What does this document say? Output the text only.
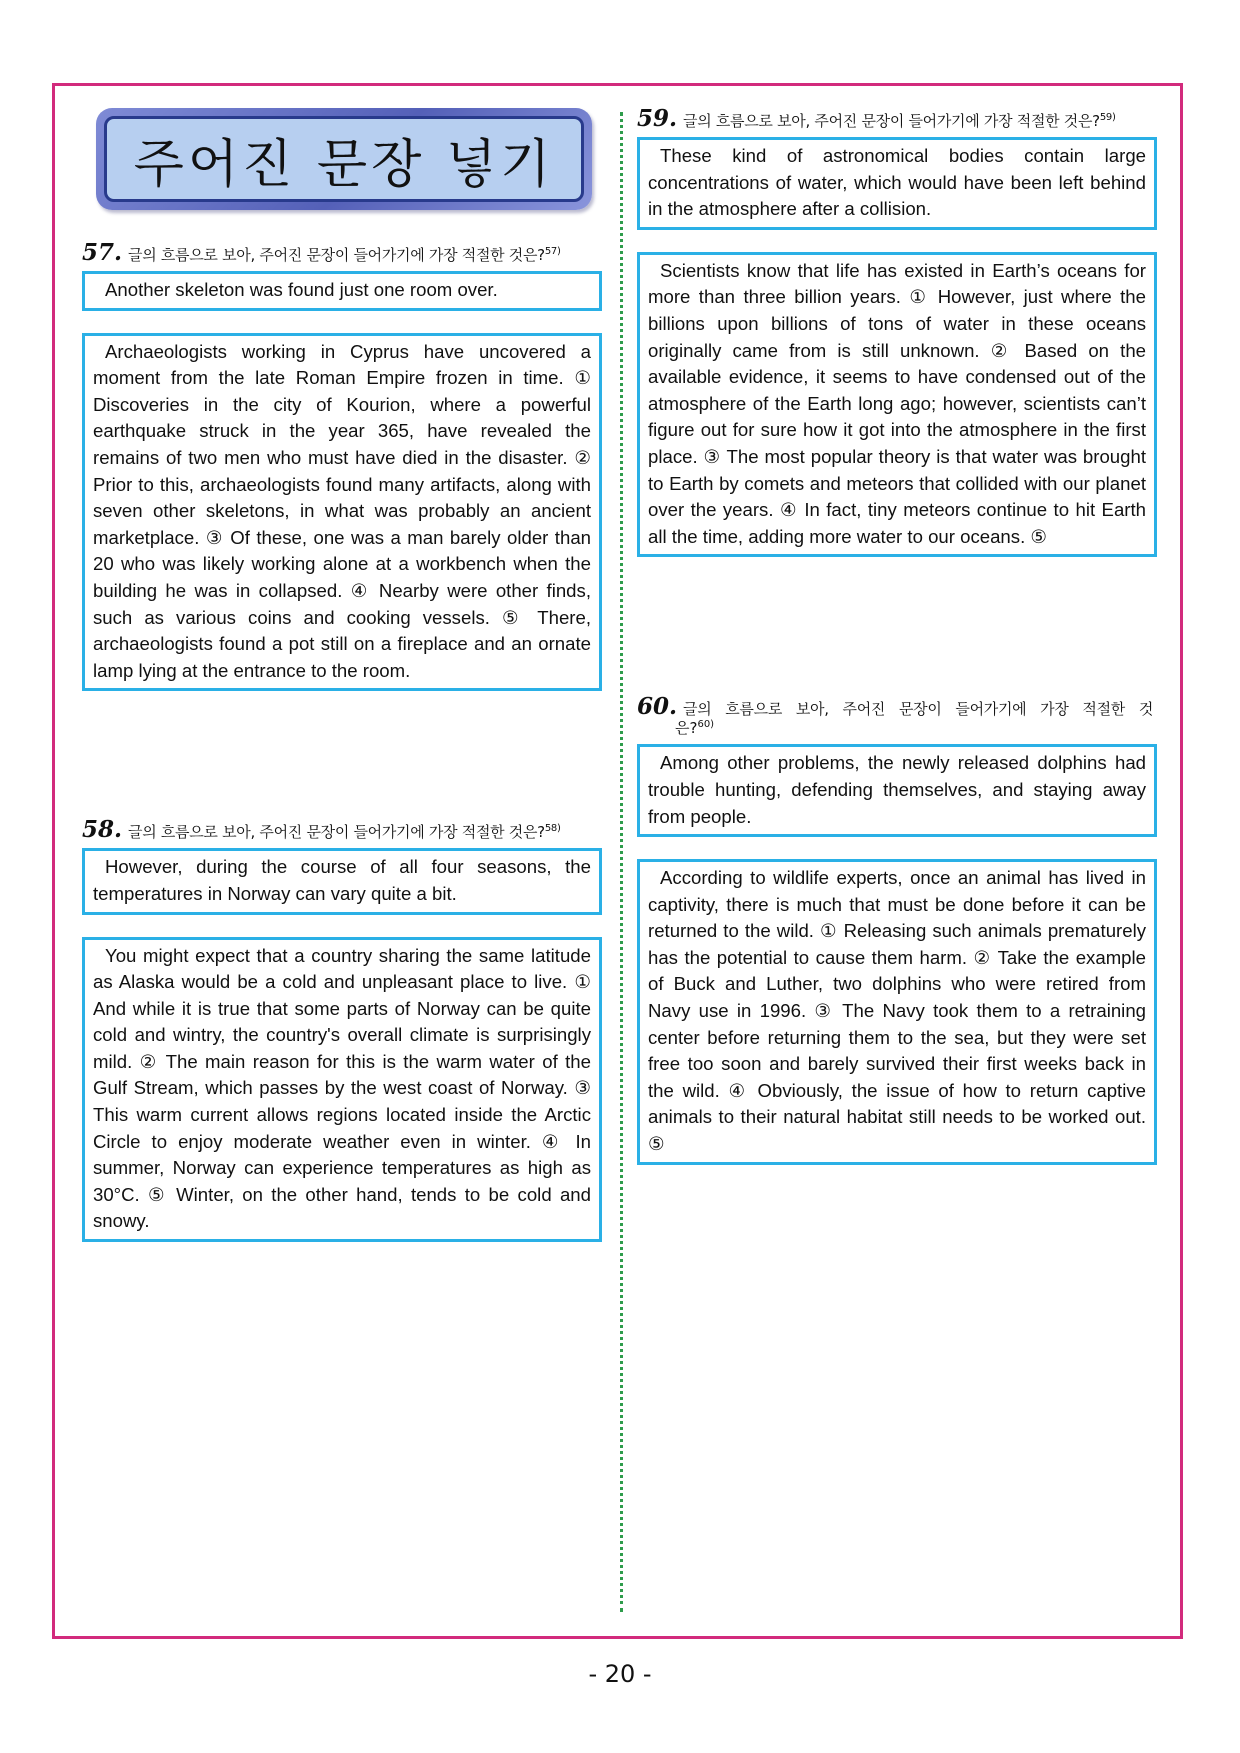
주어진 문장 넣기
57. 글의 흐름으로 보아, 주어진 문장이 들어가기에 가장 적절한 것은?$^{57)}$

Another skeleton was found just one room over.

Archaeologists working in Cyprus have uncovered a moment from the late Roman Empire frozen in time. ① Discoveries in the city of Kourion, where a powerful earthquake struck in the year 365, have revealed the remains of two men who must have died in the disaster. ② Prior to this, archaeologists found many artifacts, along with seven other skeletons, in what was probably an ancient marketplace. ③ Of these, one was a man barely older than 20 who was likely working alone at a workbench when the building he was in collapsed. ④ Nearby were other finds, such as various coins and cooking vessels. ⑤ There, archaeologists found a pot still on a fireplace and an ornate lamp lying at the entrance to the room.

58. 글의 흐름으로 보아, 주어진 문장이 들어가기에 가장 적절한 것은?$^{58)}$

However, during the course of all four seasons, the temperatures in Norway can vary quite a bit.

You might expect that a country sharing the same latitude as Alaska would be a cold and unpleasant place to live. ① And while it is true that some parts of Norway can be quite cold and wintry, the country's overall climate is surprisingly mild. ② The main reason for this is the warm water of the Gulf Stream, which passes by the west coast of Norway. ③ This warm current allows regions located inside the Arctic Circle to enjoy moderate weather even in winter. ④ In summer, Norway can experience temperatures as high as 30°C. ⑤ Winter, on the other hand, tends to be cold and snowy.

59. 글의 흐름으로 보아, 주어진 문장이 들어가기에 가장 적절한 것은?$^{59)}$

These kind of astronomical bodies contain large concentrations of water, which would have been left behind in the atmosphere after a collision.

Scientists know that life has existed in Earth’s oceans for more than three billion years. ① However, just where the billions upon billions of tons of water in these oceans originally came from is still unknown. ② Based on the available evidence, it seems to have condensed out of the atmosphere of the Earth long ago; however, scientists can’t figure out for sure how it got into the atmosphere in the first place. ③ The most popular theory is that water was brought to Earth by comets and meteors that collided with our planet over the years. ④ In fact, tiny meteors continue to hit Earth all the time, adding more water to our oceans. ⑤

60. 글의 흐름으로 보아, 주어진 문장이 들어가기에 가장 적절한 것
은?$^{60)}$

Among other problems, the newly released dolphins had trouble hunting, defending themselves, and staying away from people.

According to wildlife experts, once an animal has lived in captivity, there is much that must be done before it can be returned to the wild. ① Releasing such animals prematurely has the potential to cause them harm. ② Take the example of Buck and Luther, two dolphins who were retired from Navy use in 1996. ③ The Navy took them to a retraining center before returning them to the sea, but they were set free too soon and barely survived their first weeks back in the wild. ④ Obviously, the issue of how to return captive animals to their natural habitat still needs to be worked out. ⑤

- 20 -
